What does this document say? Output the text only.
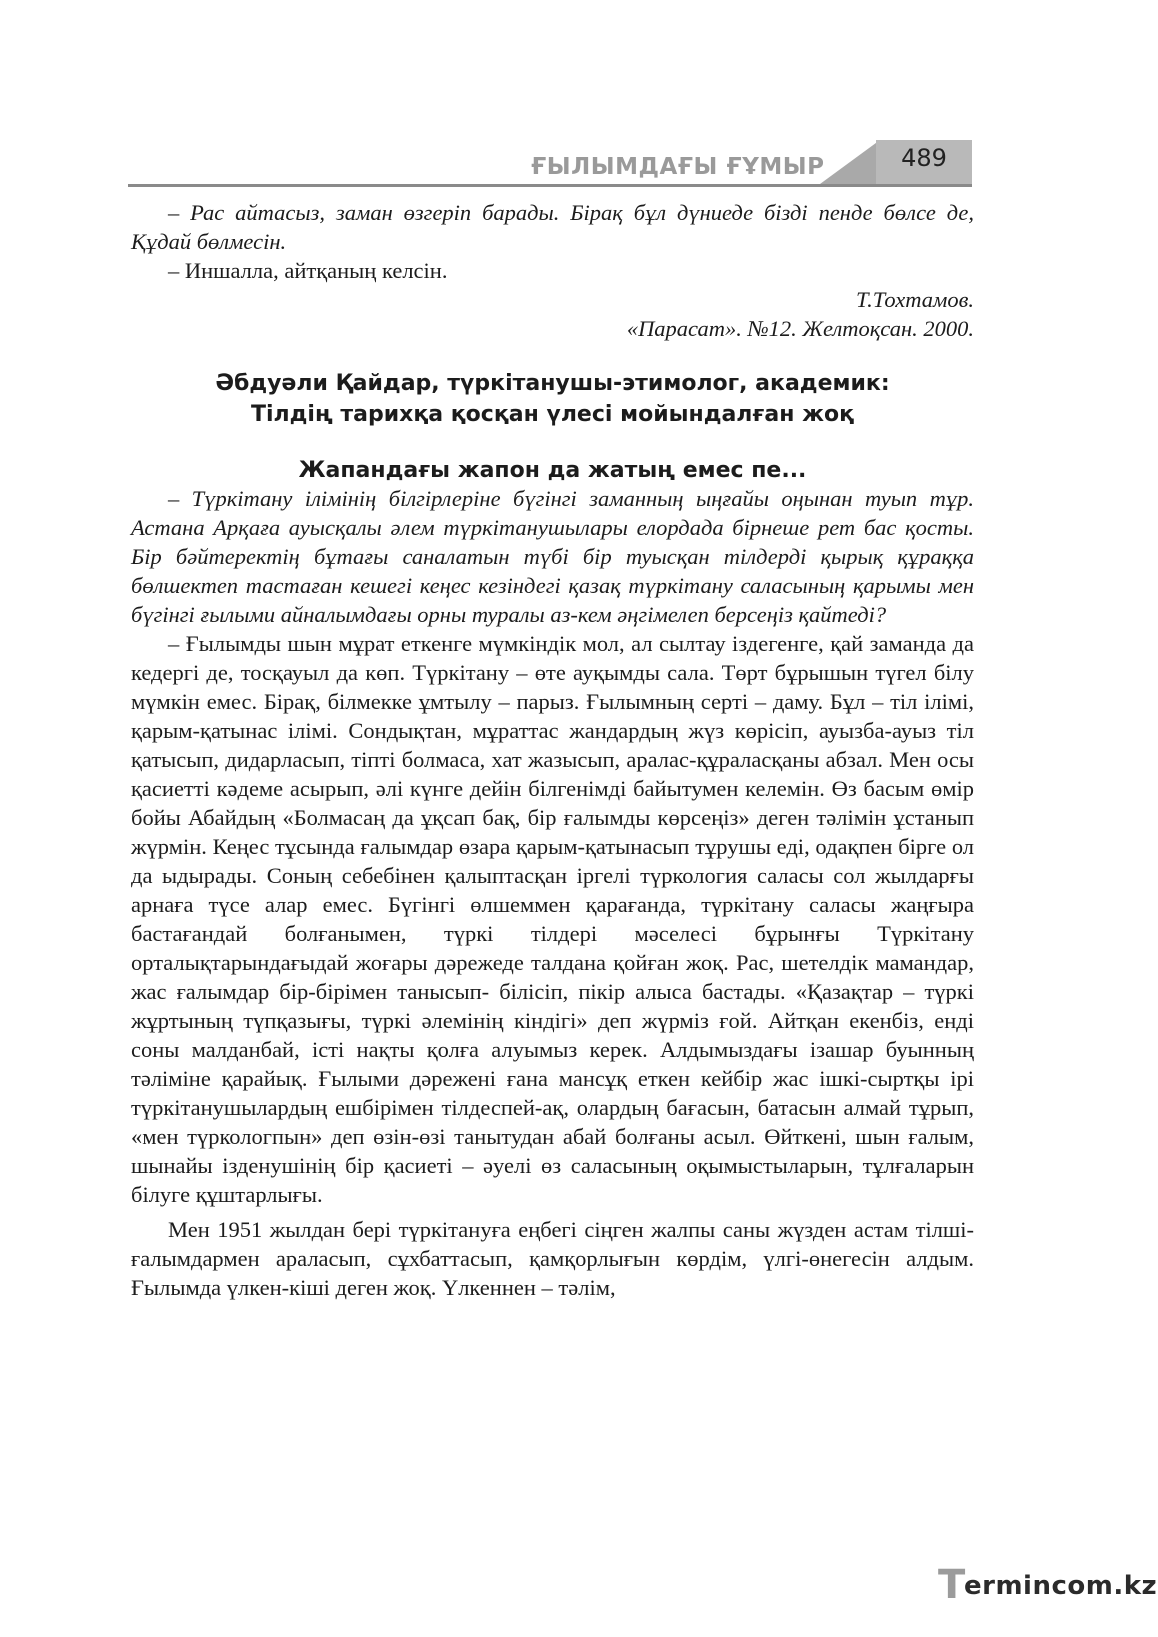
ҒЫЛЫМДАҒЫ ҒҰМЫР	489

– Рас айтасыз, заман өзгеріп барады. Бірақ бұл дүниеде бізді пенде бөлсе де, Құдай бөлмесін.

– Иншалла, айтқаның келсін.

Т.Тохтамов.

«Парасат». №12. Желтоқсан. 2000.

Әбдуәли Қайдар, түркітанушы-этимолог, академик:
Тілдің тарихқа қосқан үлесі мойындалған жоқ
Жапандағы жапон да жатың емес пе...

– Түркітану ілімінің білгірлеріне бүгінгі заманның ыңғайы оңынан туып тұр. Астана Арқаға ауысқалы әлем түркітанушылары елордада бірнеше рет бас қосты. Бір бәйтеректің бұтағы саналатын түбі бір туысқан тілдерді қырық құраққа бөлшектеп тастаған кешегі кеңес кезіндегі қазақ түркітану саласының қарымы мен бүгінгі ғылыми айналымдағы орны туралы аз-кем әңгімелеп берсеңіз қайтеді?

– Ғылымды шын мұрат еткенге мүмкіндік мол, ал сылтау іздегенге, қай заманда да кедергі де, тосқауыл да көп. Түркітану – өте ауқымды сала. Төрт бұрышын түгел білу мүмкін емес. Бірақ, білмекке ұмтылу – парыз. Ғылымның серті – даму. Бұл – тіл ілімі, қарым-қатынас ілімі. Сондықтан, мұраттас жандардың жүз көрісіп, ауызба-ауыз тіл қатысып, дидарласып, тіпті болмаса, хат жазысып, аралас-құраласқаны абзал. Мен осы қасиетті кәдеме асырып, әлі күнге дейін білгенімді байытумен келемін. Өз басым өмір бойы Абайдың «Болмасаң да ұқсап бақ, бір ғалымды көрсеңіз» деген тәлімін ұстанып жүрмін. Кеңес тұсында ғалымдар өзара қарым-қатынасып тұрушы еді, одақпен бірге ол да ыдырады. Соның себебінен қалыптасқан іргелі түркология саласы сол жылдарғы арнаға түсе алар емес. Бүгінгі өлшеммен қарағанда, түркітану саласы жаңғыра бастағандай болғанымен, түркі тілдері мәселесі бұрынғы Түркітану орталықтарындағыдай жоғары дәрежеде талдана қойған жоқ. Рас, шетелдік мамандар, жас ғалымдар бір-бірімен танысып- біліcіп, пікір алыса бастады. «Қазақтар – түркі жұртының түпқазығы, түркі әлемінің кіндігі» деп жүрміз ғой. Айтқан екенбіз, енді соны малданбай, істі нақты қолға алуымыз керек. Алдымыздағы ізашар буынның тәліміне қарайық. Ғылыми дәрежені ғана мансұқ еткен кейбір жас ішкі-сыртқы ірі түркітанушылардың ешбірімен тілдеспей-ақ, олардың бағасын, батасын алмай тұрып, «мен түркологпын» деп өзін-өзі танытудан абай болғаны асыл. Өйткені, шын ғалым, шынайы ізденушінің бір қасиеті – әуелі өз саласының оқымыстыларын, тұлғаларын білуге құштарлығы.

Мен 1951 жылдан бері түркітануға еңбегі сіңген жалпы саны жүзден астам тілші-ғалымдармен араласып, сұхбаттасып, қамқорлығын көрдім, үлгі-өнегесін алдым. Ғылымда үлкен-кіші деген жоқ. Үлкеннен – тәлім,

T
ermincom.kz
